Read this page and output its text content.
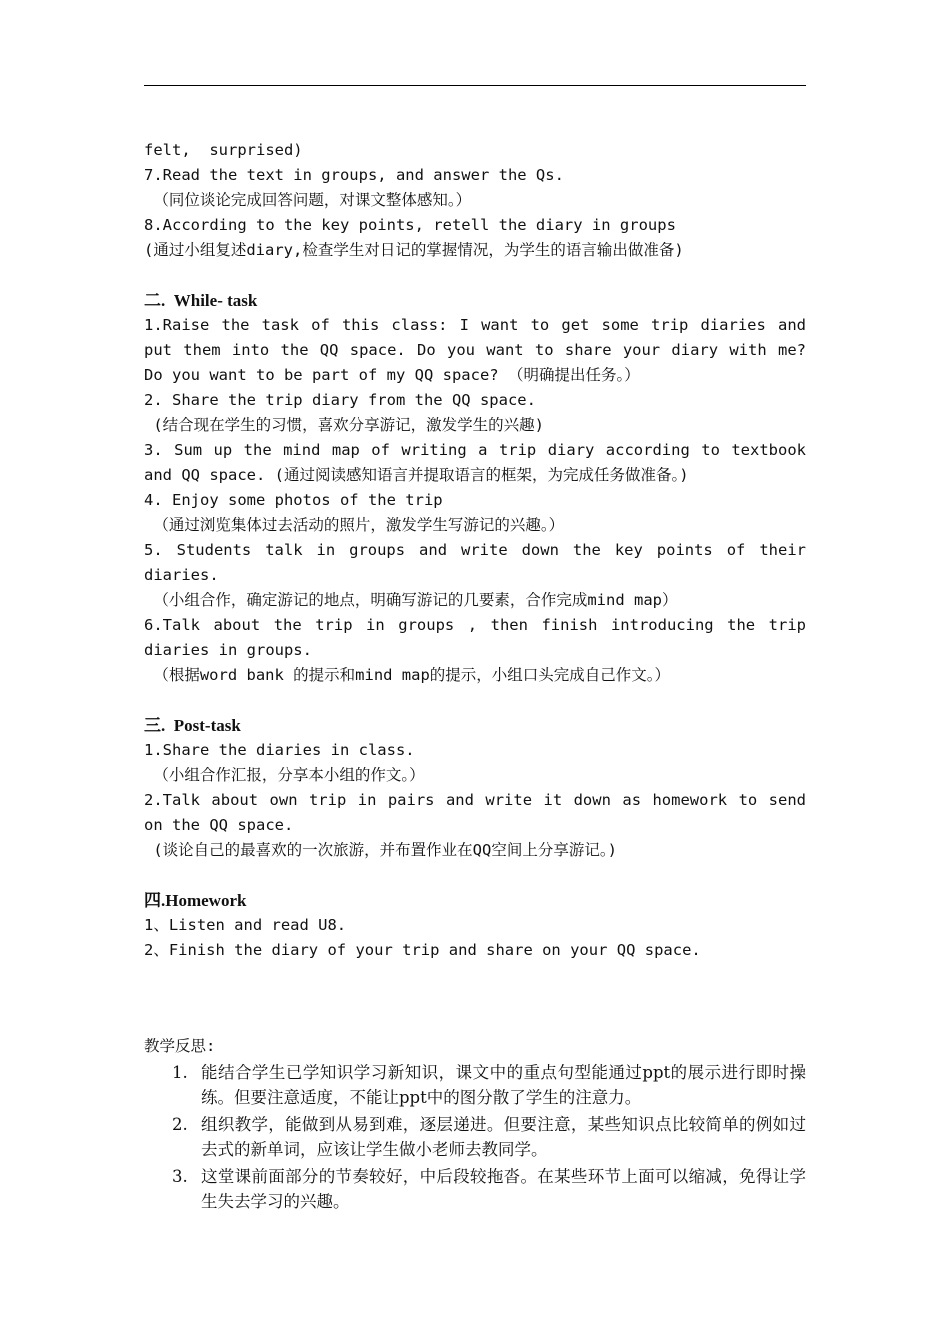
felt,  surprised)

7.Read the text in groups, and answer the Qs.

（同位谈论完成回答问题，对课文整体感知。）

8.According to the key points, retell the diary in groups

(通过小组复述diary,检查学生对日记的掌握情况，为学生的语言输出做准备)

二.  While- task

1.Raise the task of this class: I want to get some trip diaries and

put them into the QQ space. Do you want to share your diary with me?

Do you want to be part of my QQ space? （明确提出任务。）

2. Share the trip diary from the QQ space.

(结合现在学生的习惯，喜欢分享游记，激发学生的兴趣)

3. Sum up the mind map of writing a trip diary according to textbook

and QQ space. (通过阅读感知语言并提取语言的框架，为完成任务做准备。)

4. Enjoy some photos of the trip

（通过浏览集体过去活动的照片，激发学生写游记的兴趣。）

5. Students talk in groups and write down the key points of their

diaries.

（小组合作，确定游记的地点，明确写游记的几要素，合作完成mind map）

6.Talk about the trip in groups , then finish introducing the trip

diaries in groups.

（根据word bank 的提示和mind map的提示，小组口头完成自己作文。）

三.  Post-task

1.Share the diaries in class.

（小组合作汇报，分享本小组的作文。）

2.Talk about own trip in pairs and write it down as homework to send

on the QQ space.

(谈论自己的最喜欢的一次旅游，并布置作业在QQ空间上分享游记。)

四.Homework

1、Listen and read U8.

2、Finish the diary of your trip and share on your QQ space.

教学反思:

1. 能结合学生已学知识学习新知识，课文中的重点句型能通过ppt的展示进行即时操练。但要注意适度，不能让ppt中的图分散了学生的注意力。
2. 组织教学，能做到从易到难，逐层递进。但要注意，某些知识点比较简单的例如过去式的新单词，应该让学生做小老师去教同学。
3. 这堂课前面部分的节奏较好，中后段较拖沓。在某些环节上面可以缩减，免得让学生失去学习的兴趣。
